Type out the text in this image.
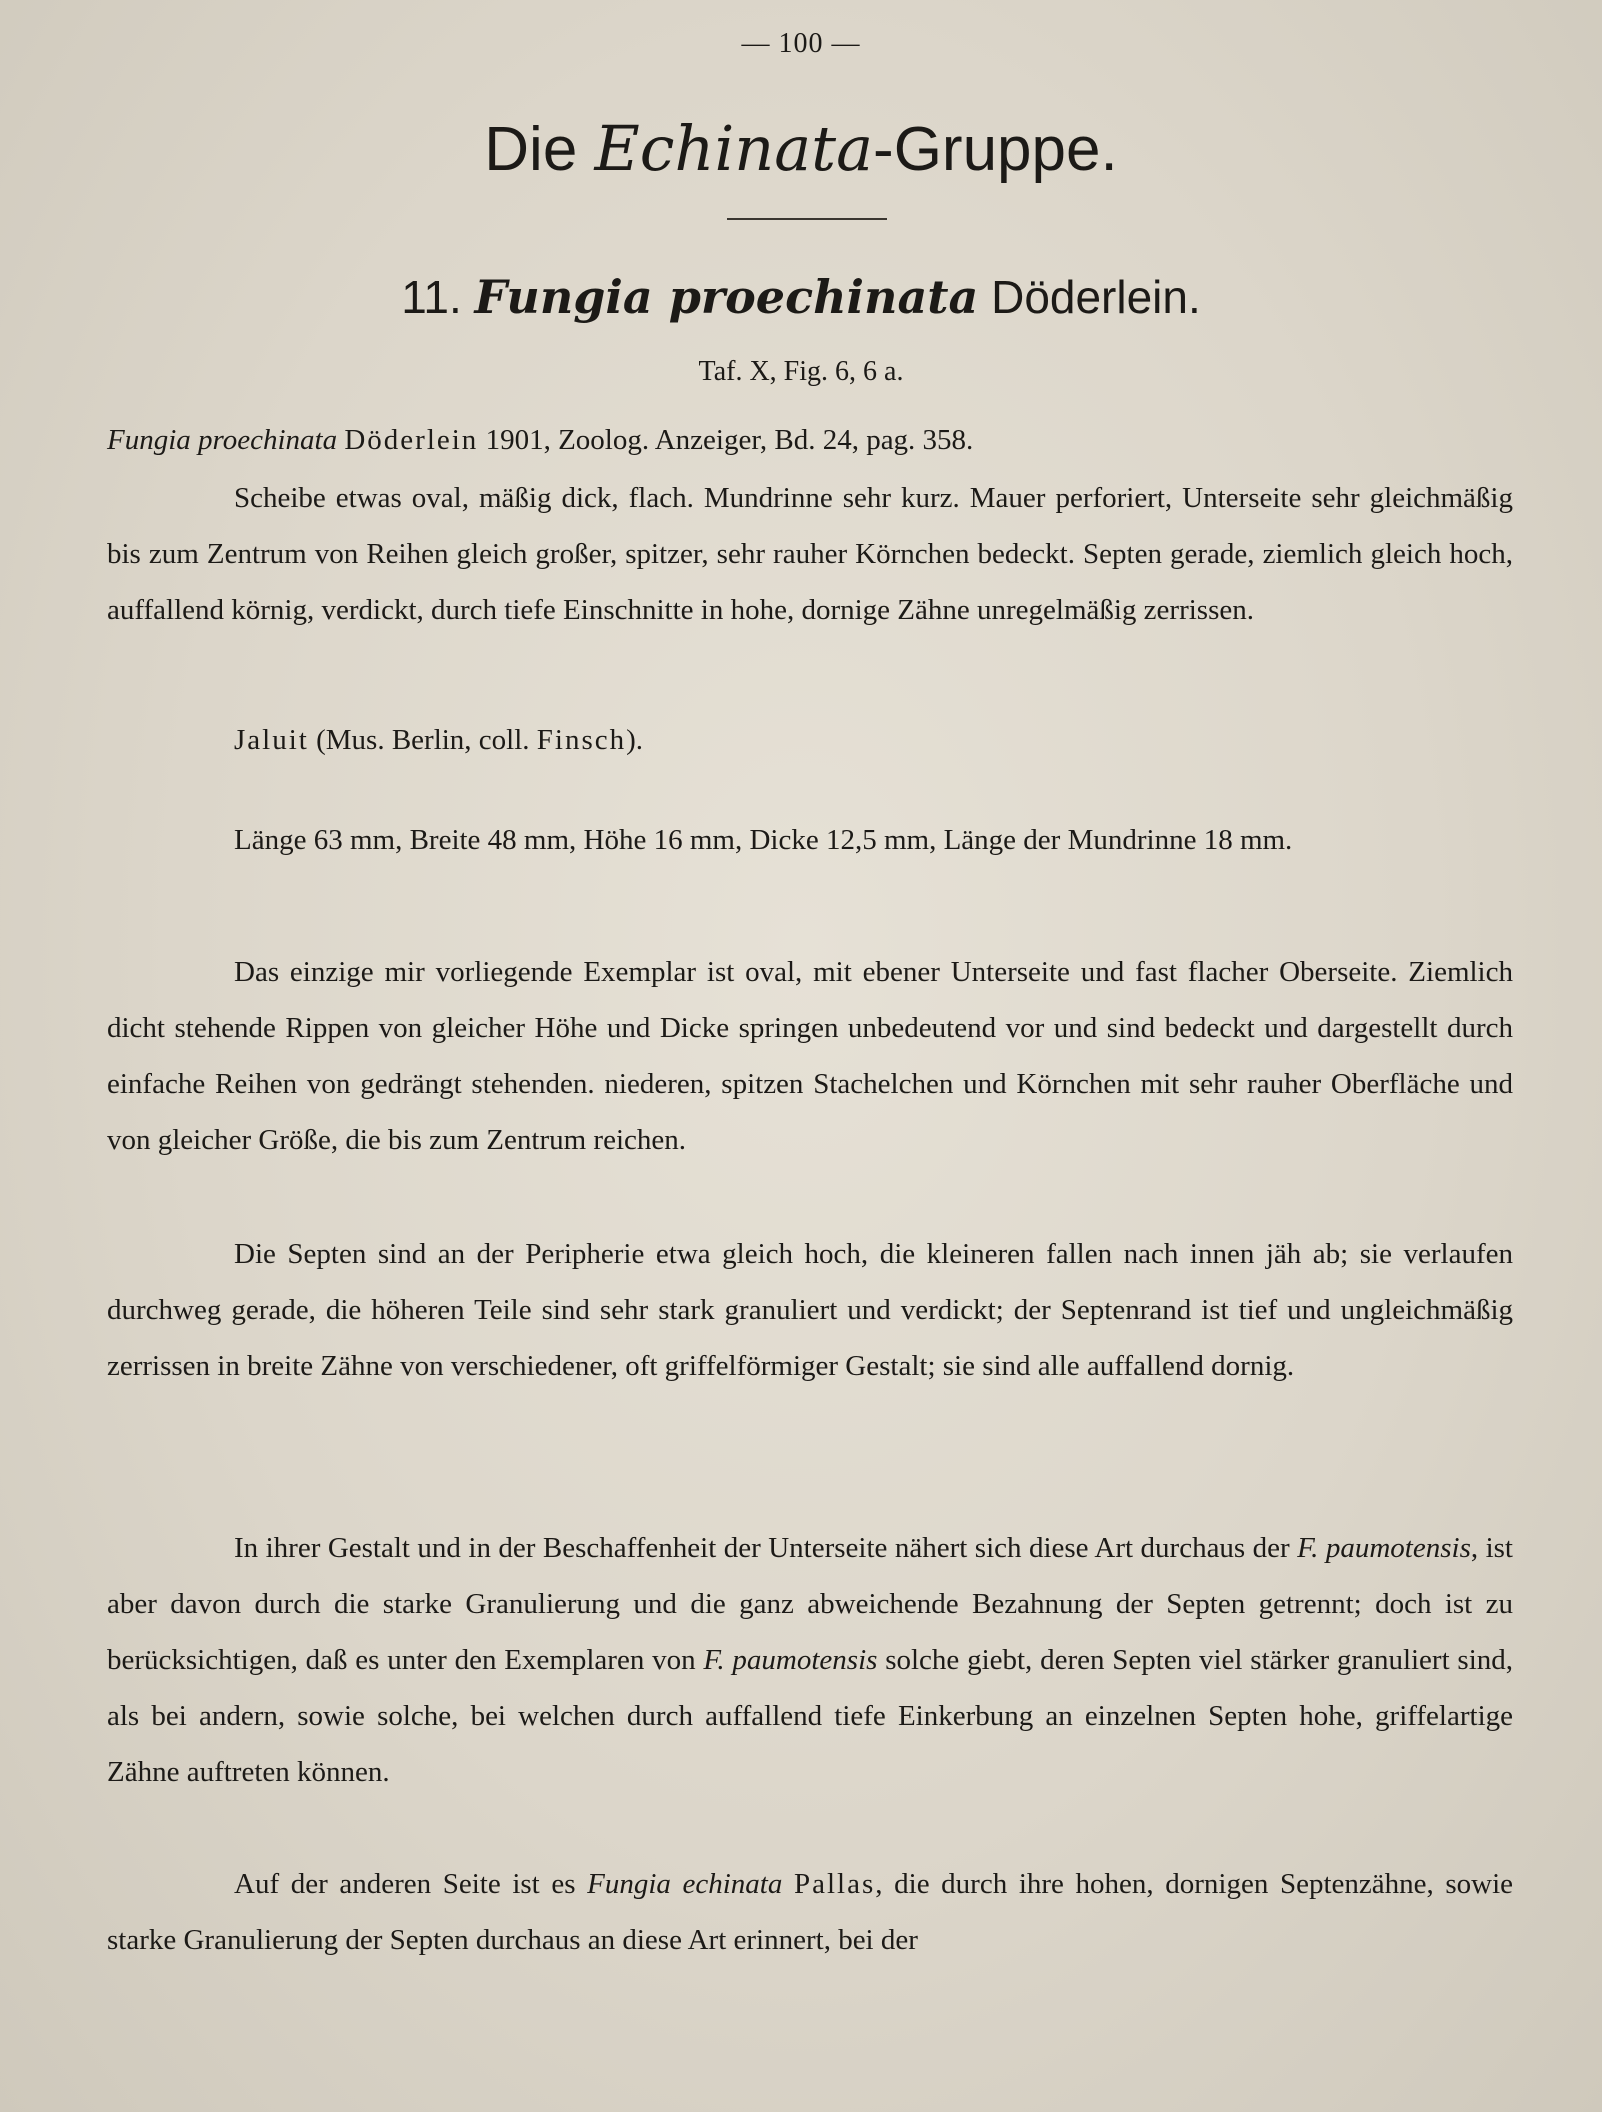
— 100 —
Die Echinata-Gruppe.
11. Fungia proechinata Döderlein.
Taf. X, Fig. 6, 6 a.

Fungia proechinata Döderlein 1901, Zoolog. Anzeiger, Bd. 24, pag. 358.

Scheibe etwas oval, mäßig dick, flach. Mundrinne sehr kurz. Mauer perforiert, Unterseite sehr gleichmäßig bis zum Zentrum von Reihen gleich großer, spitzer, sehr rauher Körnchen bedeckt. Septen gerade, ziemlich gleich hoch, auffallend körnig, verdickt, durch tiefe Einschnitte in hohe, dornige Zähne unregelmäßig zerrissen.

Jaluit (Mus. Berlin, coll. Finsch).

Länge 63 mm, Breite 48 mm, Höhe 16 mm, Dicke 12,5 mm, Länge der Mundrinne 18 mm.

Das einzige mir vorliegende Exemplar ist oval, mit ebener Unterseite und fast flacher Oberseite. Ziemlich dicht stehende Rippen von gleicher Höhe und Dicke springen unbedeutend vor und sind bedeckt und dargestellt durch einfache Reihen von gedrängt stehenden. niederen, spitzen Stachelchen und Körnchen mit sehr rauher Oberfläche und von gleicher Größe, die bis zum Zentrum reichen.

Die Septen sind an der Peripherie etwa gleich hoch, die kleineren fallen nach innen jäh ab; sie verlaufen durchweg gerade, die höheren Teile sind sehr stark granuliert und verdickt; der Septenrand ist tief und ungleichmäßig zerrissen in breite Zähne von verschiedener, oft griffelförmiger Gestalt; sie sind alle auffallend dornig.

In ihrer Gestalt und in der Beschaffenheit der Unterseite nähert sich diese Art durchaus der F. paumotensis, ist aber davon durch die starke Granulierung und die ganz abweichende Bezahnung der Septen getrennt; doch ist zu berücksichtigen, daß es unter den Exemplaren von F. paumotensis solche giebt, deren Septen viel stärker granuliert sind, als bei andern, sowie solche, bei welchen durch auffallend tiefe Einkerbung an einzelnen Septen hohe, griffelartige Zähne auftreten können.

Auf der anderen Seite ist es Fungia echinata Pallas, die durch ihre hohen, dornigen Septenzähne, sowie starke Granulierung der Septen durchaus an diese Art erinnert, bei der
